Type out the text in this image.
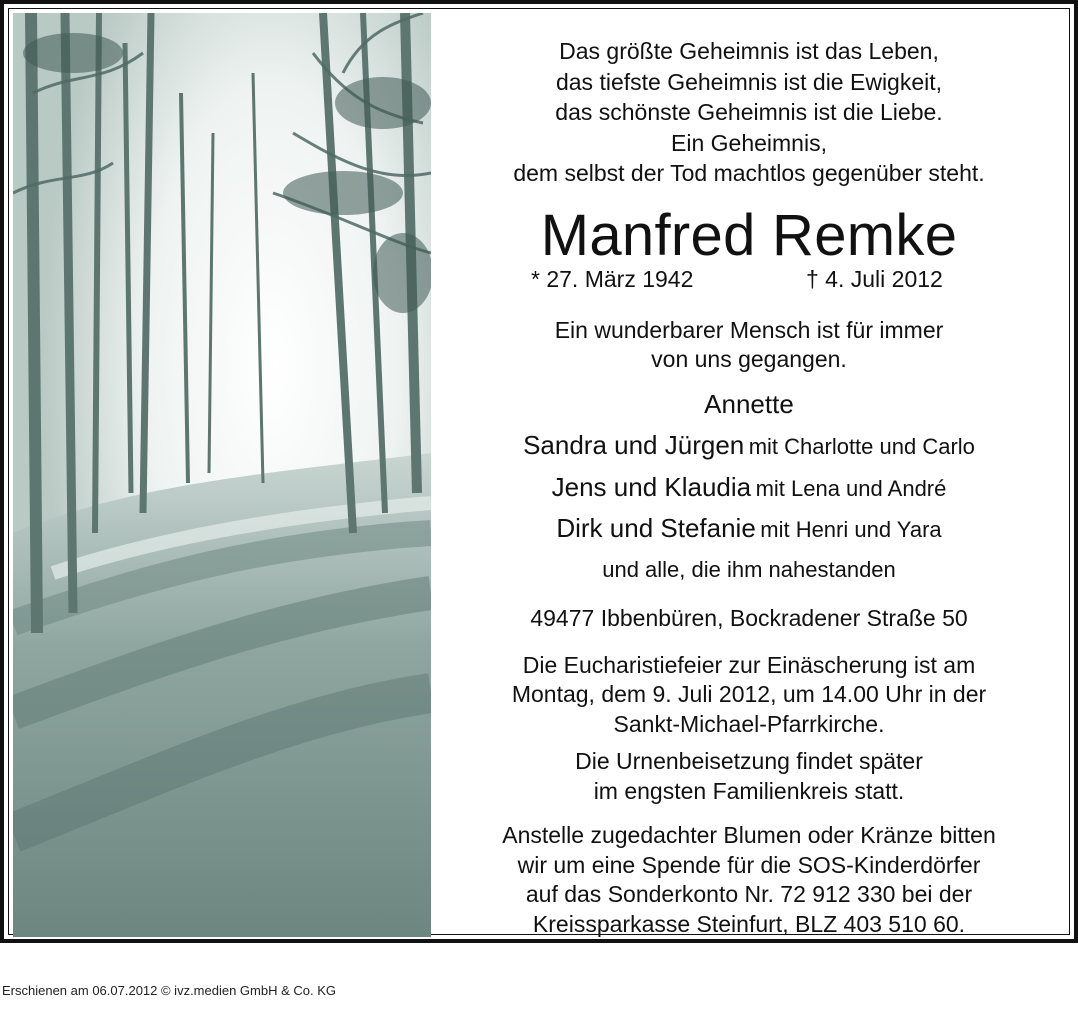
Das größte Geheimnis ist das Leben,
das tiefste Geheimnis ist die Ewigkeit,
das schönste Geheimnis ist die Liebe.
Ein Geheimnis,
dem selbst der Tod machtlos gegenüber steht.
Manfred Remke
* 27. März 1942	† 4. Juli 2012
Ein wunderbarer Mensch ist für immer
von uns gegangen.
Annette
Sandra und Jürgen mit Charlotte und Carlo
Jens und Klaudia mit Lena und André
Dirk und Stefanie mit Henri und Yara
und alle, die ihm nahestanden
49477 Ibbenbüren, Bockradener Straße 50
Die Eucharistiefeier zur Einäscherung ist am
Montag, dem 9. Juli 2012, um 14.00 Uhr in der
Sankt-Michael-Pfarrkirche.
Die Urnenbeisetzung findet später
im engsten Familienkreis statt.
Anstelle zugedachter Blumen oder Kränze bitten
wir um eine Spende für die SOS-Kinderdörfer
auf das Sonderkonto Nr. 72 912 330 bei der
Kreissparkasse Steinfurt, BLZ 403 510 60.
Erschienen am 06.07.2012 © ivz.medien GmbH & Co. KG
